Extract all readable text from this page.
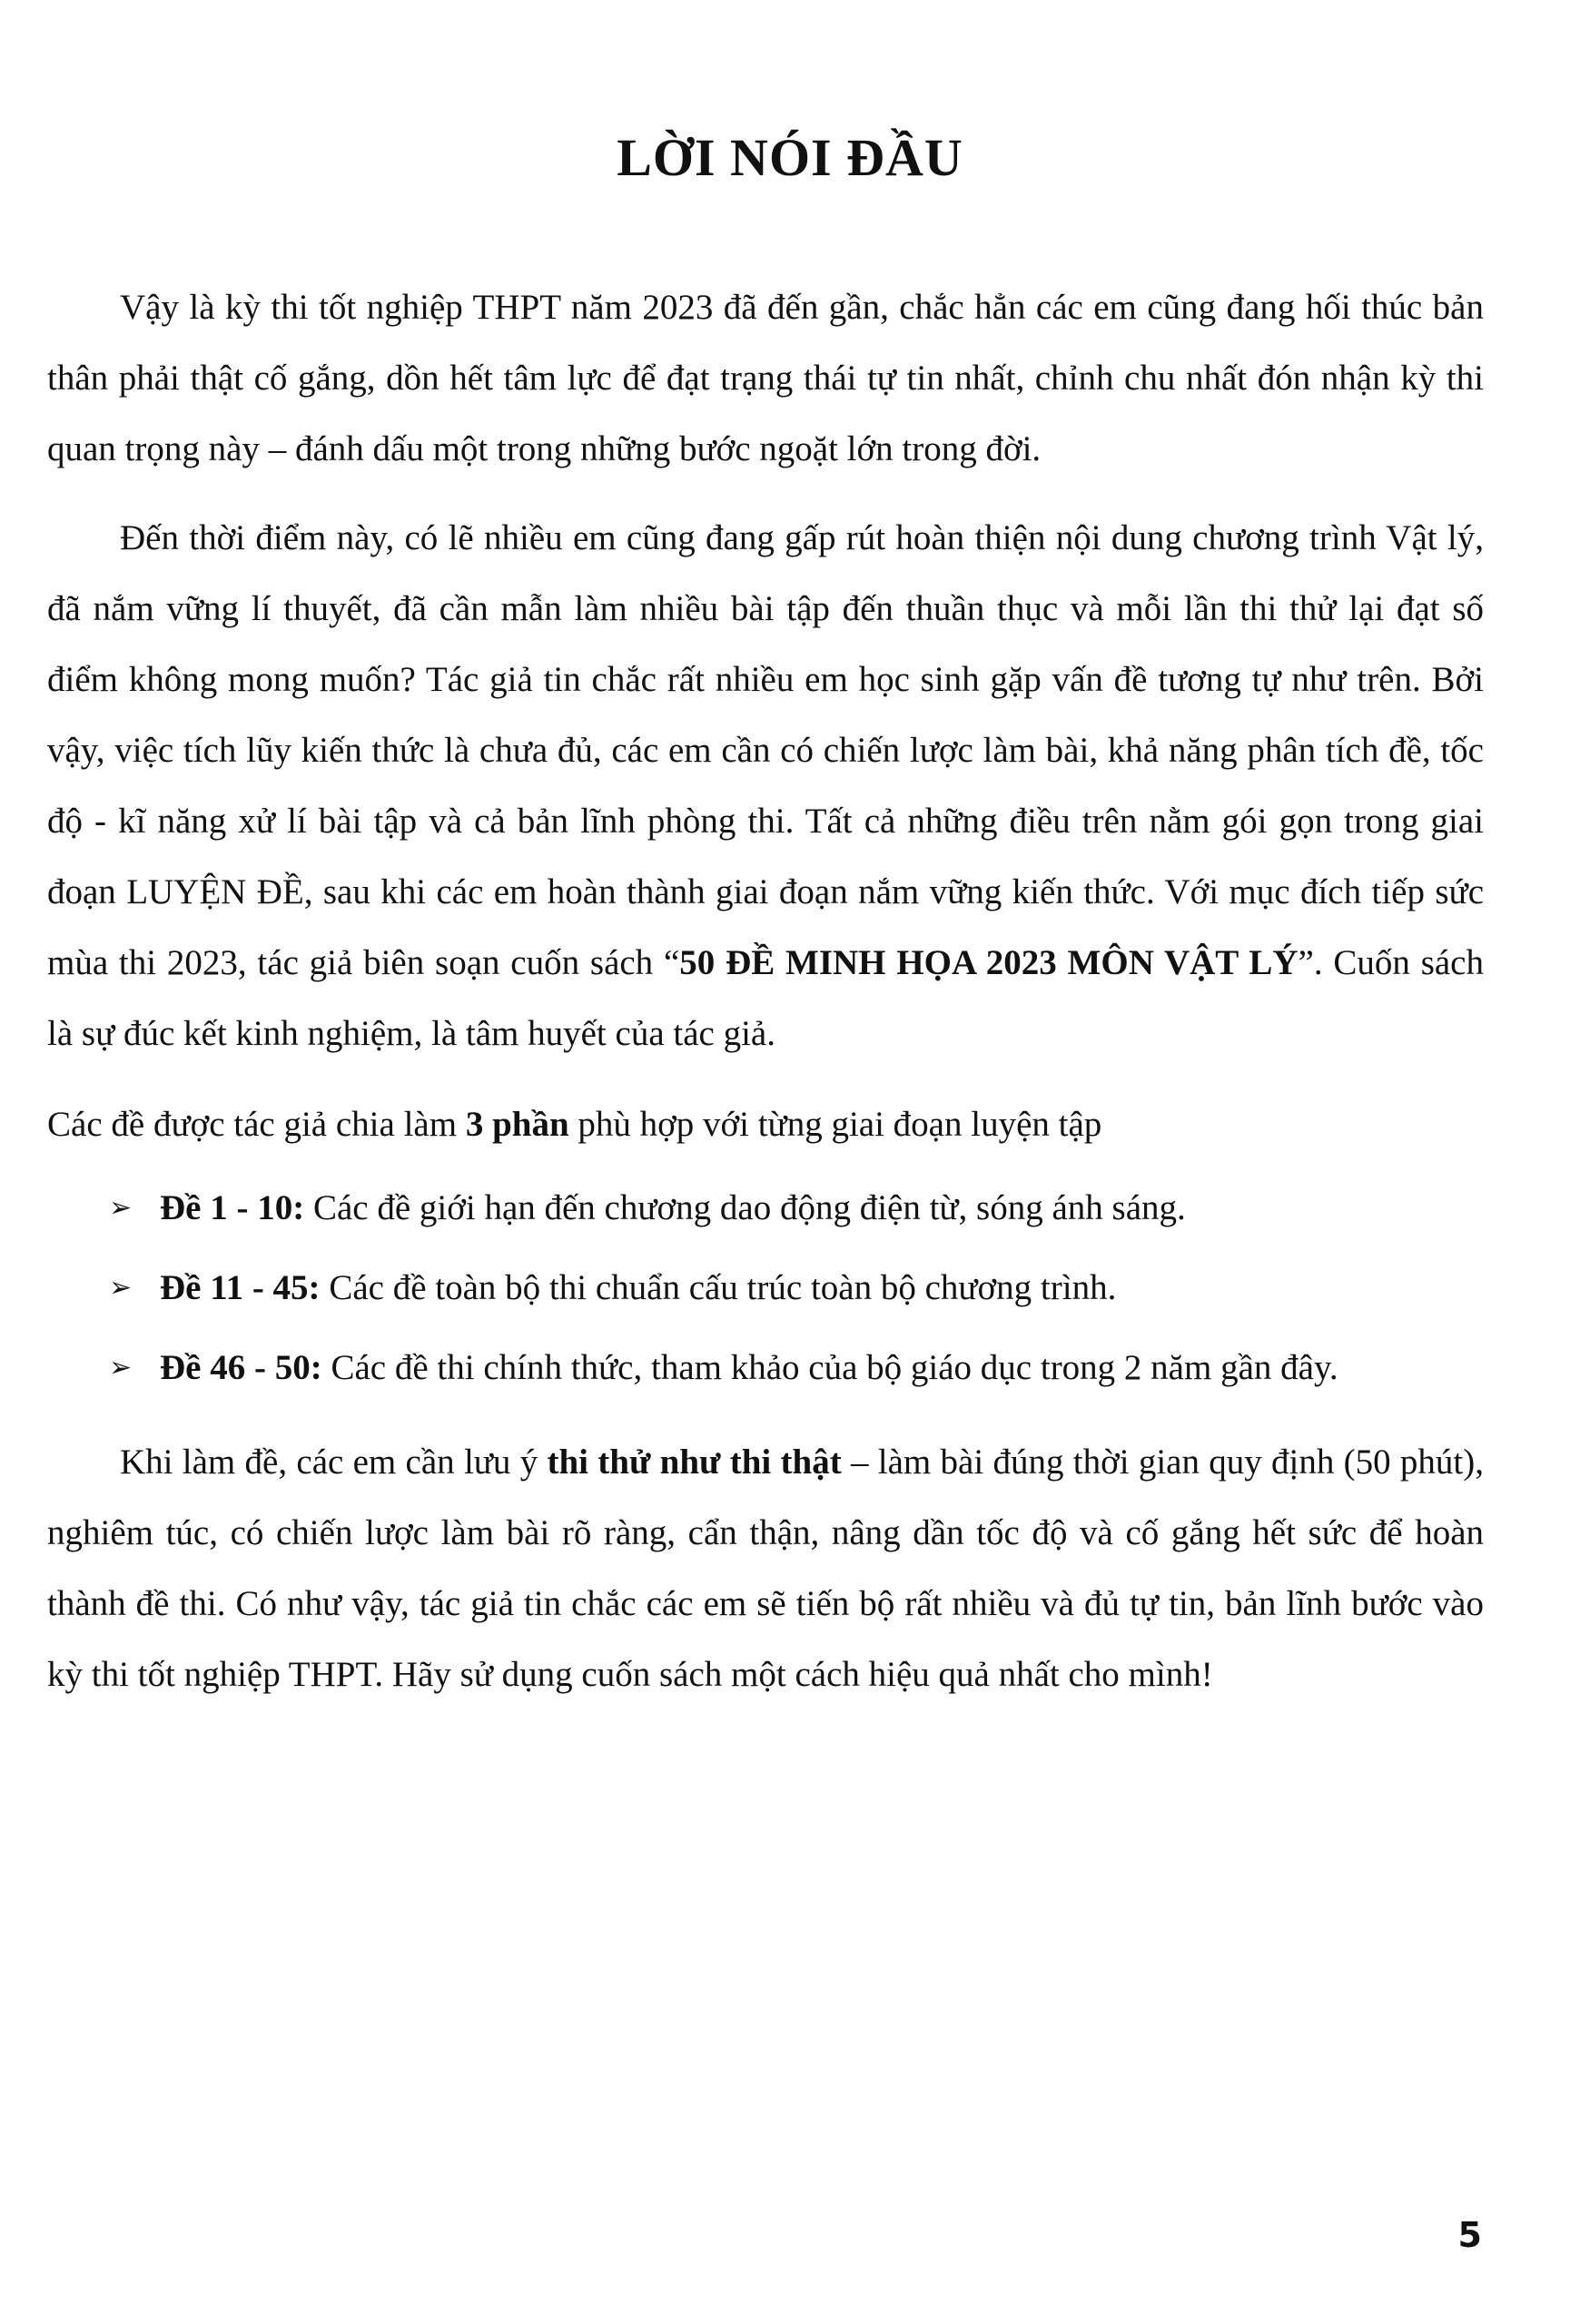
LỜI NÓI ĐẦU

Vậy là kỳ thi tốt nghiệp THPT năm 2023 đã đến gần, chắc hẳn các em cũng đang hối thúc bản thân phải thật cố gắng, dồn hết tâm lực để đạt trạng thái tự tin nhất, chỉnh chu nhất đón nhận kỳ thi quan trọng này – đánh dấu một trong những bước ngoặt lớn trong đời.

Đến thời điểm này, có lẽ nhiều em cũng đang gấp rút hoàn thiện nội dung chương trình Vật lý, đã nắm vững lí thuyết, đã cần mẫn làm nhiều bài tập đến thuần thục và mỗi lần thi thử lại đạt số điểm không mong muốn? Tác giả tin chắc rất nhiều em học sinh gặp vấn đề tương tự như trên. Bởi vậy, việc tích lũy kiến thức là chưa đủ, các em cần có chiến lược làm bài, khả năng phân tích đề, tốc độ - kĩ năng xử lí bài tập và cả bản lĩnh phòng thi. Tất cả những điều trên nằm gói gọn trong giai đoạn LUYỆN ĐỀ, sau khi các em hoàn thành giai đoạn nắm vững kiến thức. Với mục đích tiếp sức mùa thi 2023, tác giả biên soạn cuốn sách “50 ĐỀ MINH HỌA 2023 MÔN VẬT LÝ”. Cuốn sách là sự đúc kết kinh nghiệm, là tâm huyết của tác giả.

Các đề được tác giả chia làm 3 phần phù hợp với từng giai đoạn luyện tập

➢ Đề 1 - 10: Các đề giới hạn đến chương dao động điện từ, sóng ánh sáng.
➢ Đề 11 - 45: Các đề toàn bộ thi chuẩn cấu trúc toàn bộ chương trình.
➢ Đề 46 - 50: Các đề thi chính thức, tham khảo của bộ giáo dục trong 2 năm gần đây.

Khi làm đề, các em cần lưu ý thi thử như thi thật – làm bài đúng thời gian quy định (50 phút), nghiêm túc, có chiến lược làm bài rõ ràng, cẩn thận, nâng dần tốc độ và cố gắng hết sức để hoàn thành đề thi. Có như vậy, tác giả tin chắc các em sẽ tiến bộ rất nhiều và đủ tự tin, bản lĩnh bước vào kỳ thi tốt nghiệp THPT. Hãy sử dụng cuốn sách một cách hiệu quả nhất cho mình!

5
